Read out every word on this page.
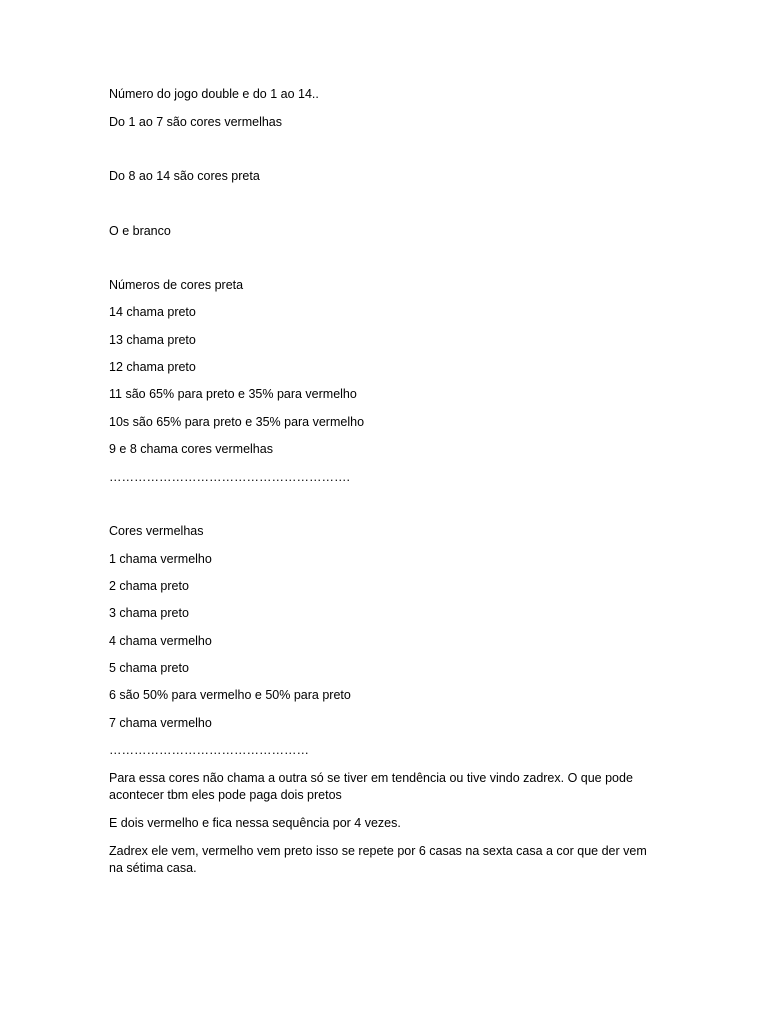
Número do jogo double e do 1 ao 14..
Do 1 ao 7 são cores vermelhas
Do 8 ao 14 são cores preta
O e branco
Números de cores preta
14 chama preto
13 chama preto
12 chama preto
11 são 65% para preto e 35% para vermelho
10s são 65% para preto e 35% para vermelho
9 e 8 chama cores vermelhas
………………………………………………….
Cores vermelhas
1 chama vermelho
2 chama preto
3 chama preto
4 chama vermelho
5 chama preto
6 são 50% para vermelho e 50% para preto
7 chama vermelho
…………………………………………
Para essa cores não chama a outra só se tiver em tendência ou tive vindo zadrex. O que pode acontecer tbm eles pode paga dois pretos
E dois vermelho e fica nessa sequência por 4 vezes.
Zadrex ele vem, vermelho vem preto isso se repete por 6 casas na sexta casa a cor que der vem na sétima casa.
